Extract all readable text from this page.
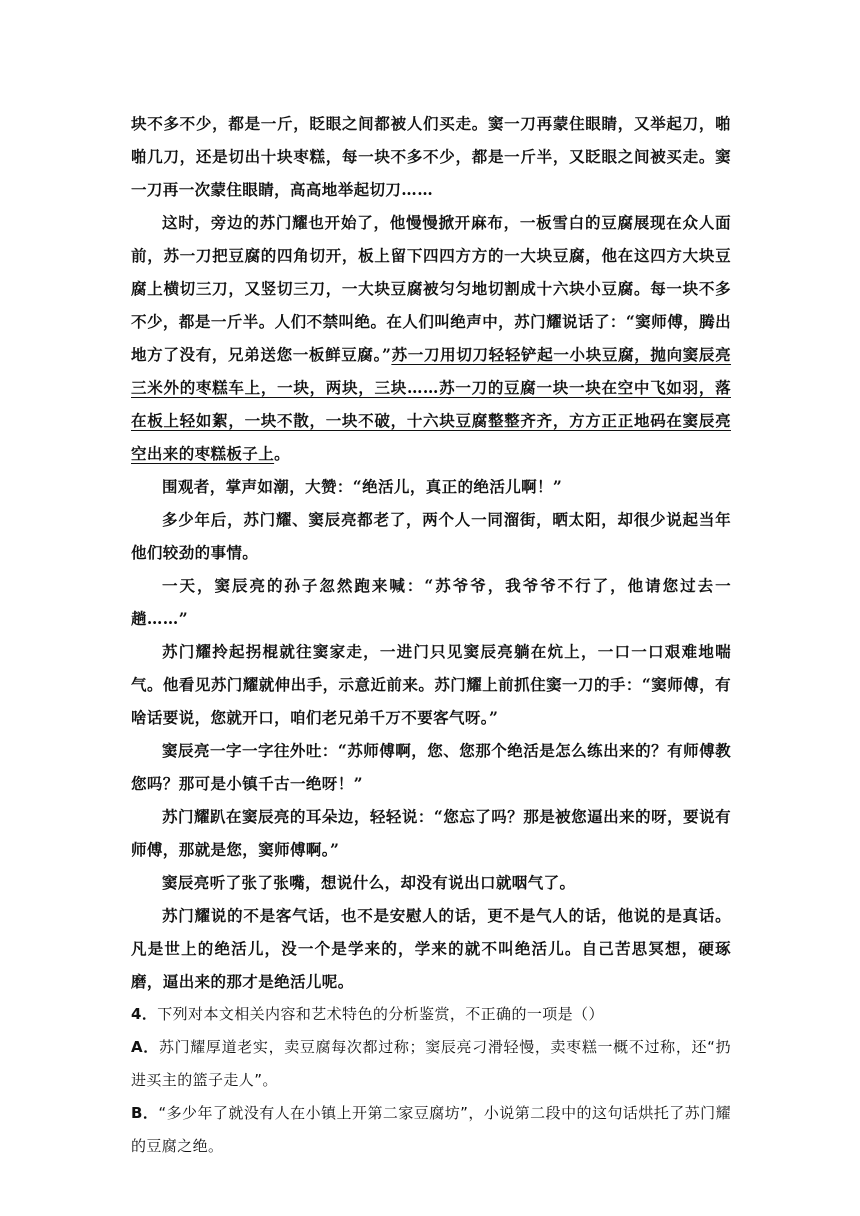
块不多不少，都是一斤，眨眼之间都被人们买走。窦一刀再蒙住眼睛，又举起刀，啪啪几刀，还是切出十块枣糕，每一块不多不少，都是一斤半，又眨眼之间被买走。窦一刀再一次蒙住眼睛，高高地举起切刀……

这时，旁边的苏门耀也开始了，他慢慢掀开麻布，一板雪白的豆腐展现在众人面前，苏一刀把豆腐的四角切开，板上留下四四方方的一大块豆腐，他在这四方大块豆腐上横切三刀，又竖切三刀，一大块豆腐被匀匀地切割成十六块小豆腐。每一块不多不少，都是一斤半。人们不禁叫绝。在人们叫绝声中，苏门耀说话了：“窦师傅，腾出地方了没有，兄弟送您一板鲜豆腐。”苏一刀用切刀轻轻铲起一小块豆腐，抛向窦辰亮三米外的枣糕车上，一块，两块，三块……苏一刀的豆腐一块一块在空中飞如羽，落在板上轻如絮，一块不散，一块不破，十六块豆腐整整齐齐，方方正正地码在窦辰亮空出来的枣糕板子上。

围观者，掌声如潮，大赞：“绝活儿，真正的绝活儿啊！”

多少年后，苏门耀、窦辰亮都老了，两个人一同溜街，晒太阳，却很少说起当年他们较劲的事情。

一天，窦辰亮的孙子忽然跑来喊：“苏爷爷，我爷爷不行了，他请您过去一趟……”

苏门耀拎起拐棍就往窦家走，一进门只见窦辰亮躺在炕上，一口一口艰难地喘气。他看见苏门耀就伸出手，示意近前来。苏门耀上前抓住窦一刀的手：“窦师傅，有啥话要说，您就开口，咱们老兄弟千万不要客气呀。”

窦辰亮一字一字往外吐：“苏师傅啊，您、您那个绝活是怎么练出来的？有师傅教您吗？那可是小镇千古一绝呀！”

苏门耀趴在窦辰亮的耳朵边，轻轻说：“您忘了吗？那是被您逼出来的呀，要说有师傅，那就是您，窦师傅啊。”

窦辰亮听了张了张嘴，想说什么，却没有说出口就咽气了。

苏门耀说的不是客气话，也不是安慰人的话，更不是气人的话，他说的是真话。凡是世上的绝活儿，没一个是学来的，学来的就不叫绝活儿。自己苦思冥想，硬琢磨，逼出来的那才是绝活儿呢。

4．下列对本文相关内容和艺术特色的分析鉴赏，不正确的一项是（）

A．苏门耀厚道老实，卖豆腐每次都过称；窦辰亮刁滑轻慢，卖枣糕一概不过称，还“扔进买主的篮子走人”。

B．“多少年了就没有人在小镇上开第二家豆腐坊”，小说第二段中的这句话烘托了苏门耀的豆腐之绝。
